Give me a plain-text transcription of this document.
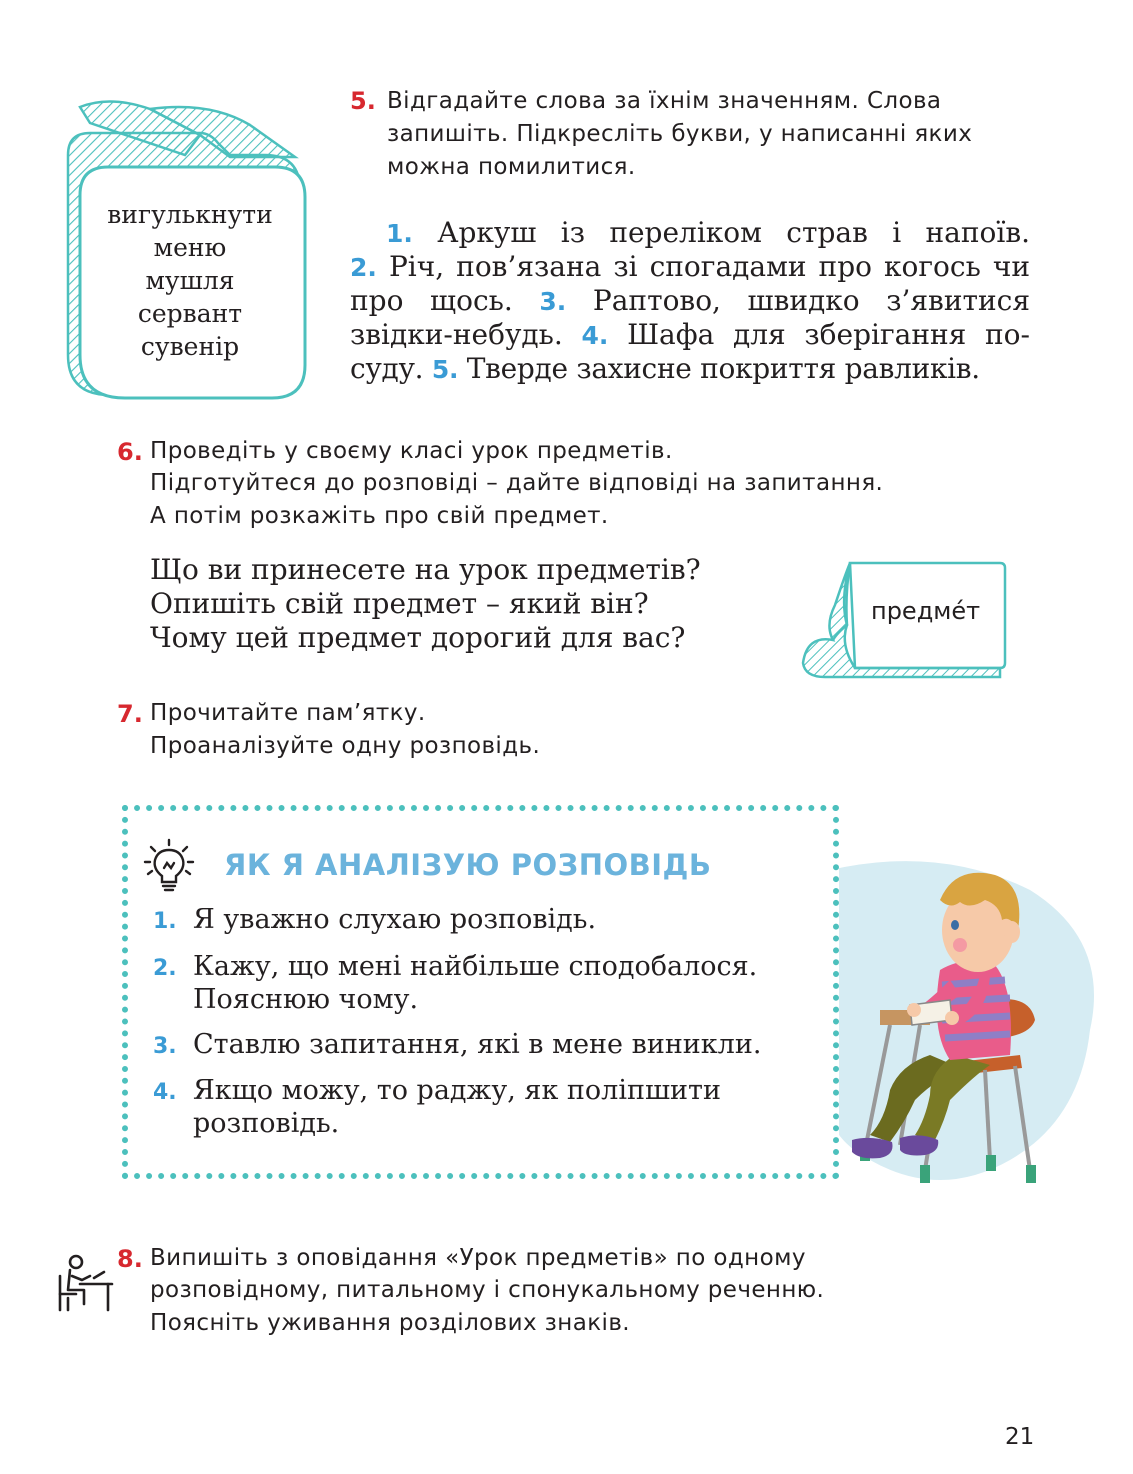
вигулькнути
меню
мушля
сервант
сувенір
5. Відгадайте слова за їхнім значенням. Слова
запишіть. Підкресліть букви, у написанні яких
можна помилитися.
1. Аркуш із переліком страв і напоїв.
2. Річ, пов’язана зі спогадами про когось чи
про щось. 3. Раптово, швидко з’явитися
звідки-небудь. 4. Шафа для зберігання по-
суду. 5. Тверде захисне покриття равликів.
6. Проведіть у своєму класі урок предметів.
Підготуйтеся до розповіді – дайте відповіді на запитання.
А потім розкажіть про свій предмет.
Що ви принесете на урок предметів?
Опишіть свій предмет – який він?
Чому цей предмет дорогий для вас?
предме́т
7. Прочитайте пам’ятку.
Проаналізуйте одну розповідь.
ЯК Я АНАЛІЗУЮ РОЗПОВІДЬ
1. Я уважно слухаю розповідь.
2. Кажу, що мені найбільше сподобалося.
Пояснюю чому.
3. Ставлю запитання, які в мене виникли.
4. Якщо можу, то раджу, як поліпшити
розповідь.
8. Випишіть з оповідання «Урок предметів» по одному
розповідному, питальному і спонукальному реченню.
Поясніть уживання розділових знаків.
21
